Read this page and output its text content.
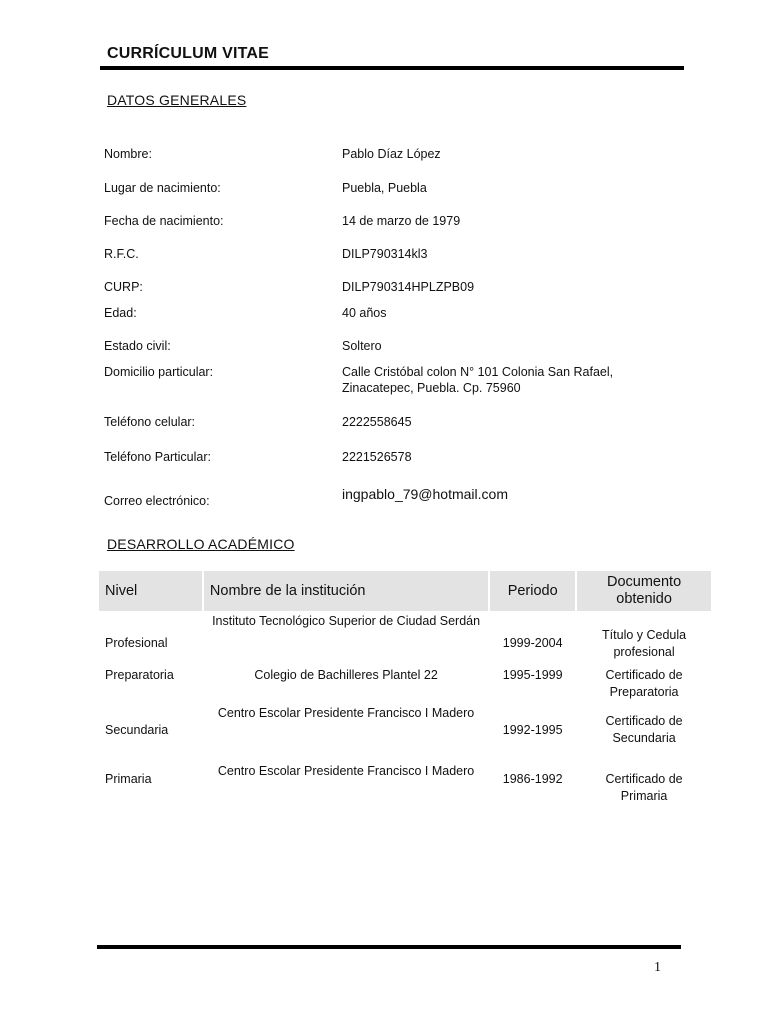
CURRÍCULUM VITAE
DATOS GENERALES
Nombre:	Pablo Díaz López
Lugar de nacimiento:	Puebla, Puebla
Fecha de nacimiento:	14 de marzo de 1979
R.F.C.	DILP790314kl3
CURP:	DILP790314HPLZPB09
Edad:	40 años
Estado civil:	Soltero
Domicilio particular:	Calle Cristóbal colon N° 101 Colonia San Rafael,
Zinacatepec, Puebla. Cp. 75960
Teléfono celular:	2222558645
Teléfono Particular:	2221526578
Correo electrónico:	ingpablo_79@hotmail.com
DESARROLLO ACADÉMICO
Nivel	Nombre de la institución	Periodo	Documento obtenido
Profesional	Instituto Tecnológico Superior de Ciudad Serdán	1999-2004	Título y Cedula profesional
Preparatoria	Colegio de Bachilleres Plantel 22	1995-1999	Certificado de Preparatoria
Secundaria	Centro Escolar Presidente Francisco I Madero	1992-1995	Certificado de Secundaria
Primaria	Centro Escolar Presidente Francisco I Madero	1986-1992	Certificado de Primaria
1
